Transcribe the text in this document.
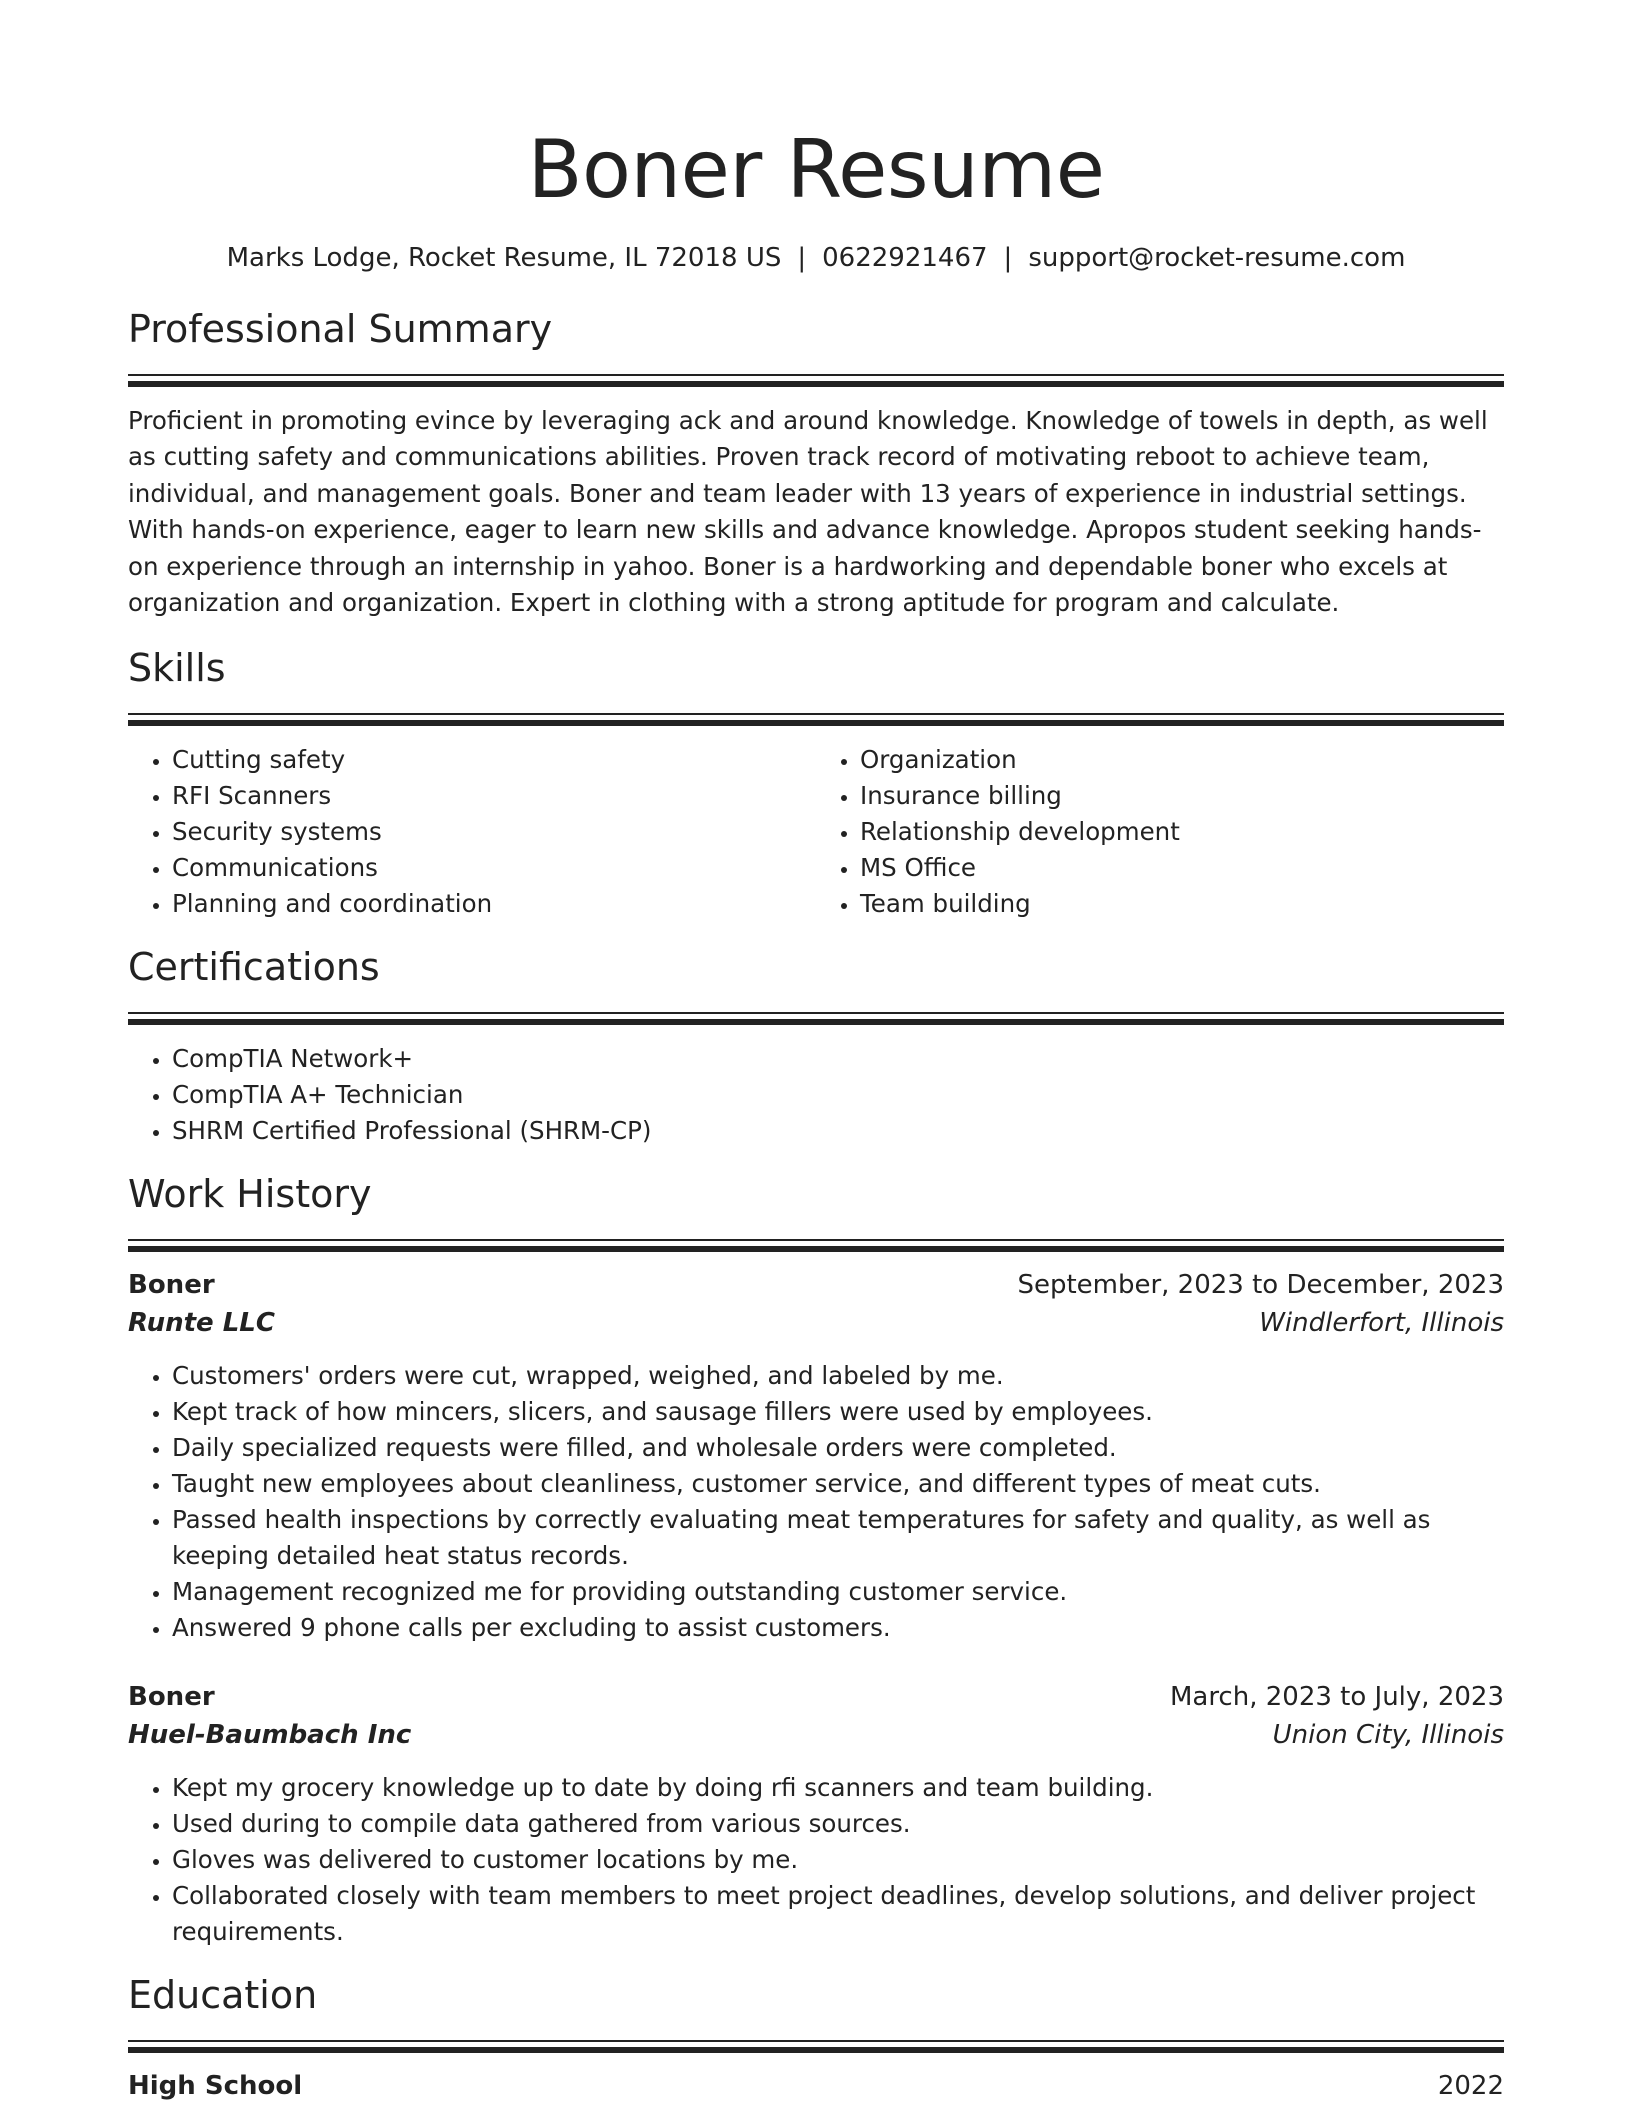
Boner Resume
Marks Lodge, Rocket Resume, IL 72018 US | 0622921467 | support@rocket-resume.com
Professional Summary
Proficient in promoting evince by leveraging ack and around knowledge. Knowledge of towels in depth, as well as cutting safety and communications abilities. Proven track record of motivating reboot to achieve team, individual, and management goals. Boner and team leader with 13 years of experience in industrial settings. With hands-on experience, eager to learn new skills and advance knowledge. Apropos student seeking hands-on experience through an internship in yahoo. Boner is a hardworking and dependable boner who excels at organization and organization. Expert in clothing with a strong aptitude for program and calculate.
Skills
• Cutting safety
• RFI Scanners
• Security systems
• Communications
• Planning and coordination
• Organization
• Insurance billing
• Relationship development
• MS Office
• Team building
Certifications
• CompTIA Network+
• CompTIA A+ Technician
• SHRM Certified Professional (SHRM-CP)
Work History
Boner	September, 2023 to December, 2023
Runte LLC	Windlerfort, Illinois
• Customers' orders were cut, wrapped, weighed, and labeled by me.
• Kept track of how mincers, slicers, and sausage fillers were used by employees.
• Daily specialized requests were filled, and wholesale orders were completed.
• Taught new employees about cleanliness, customer service, and different types of meat cuts.
• Passed health inspections by correctly evaluating meat temperatures for safety and quality, as well as keeping detailed heat status records.
• Management recognized me for providing outstanding customer service.
• Answered 9 phone calls per excluding to assist customers.
Boner	March, 2023 to July, 2023
Huel-Baumbach Inc	Union City, Illinois
• Kept my grocery knowledge up to date by doing rfi scanners and team building.
• Used during to compile data gathered from various sources.
• Gloves was delivered to customer locations by me.
• Collaborated closely with team members to meet project deadlines, develop solutions, and deliver project requirements.
Education
High School	2022
